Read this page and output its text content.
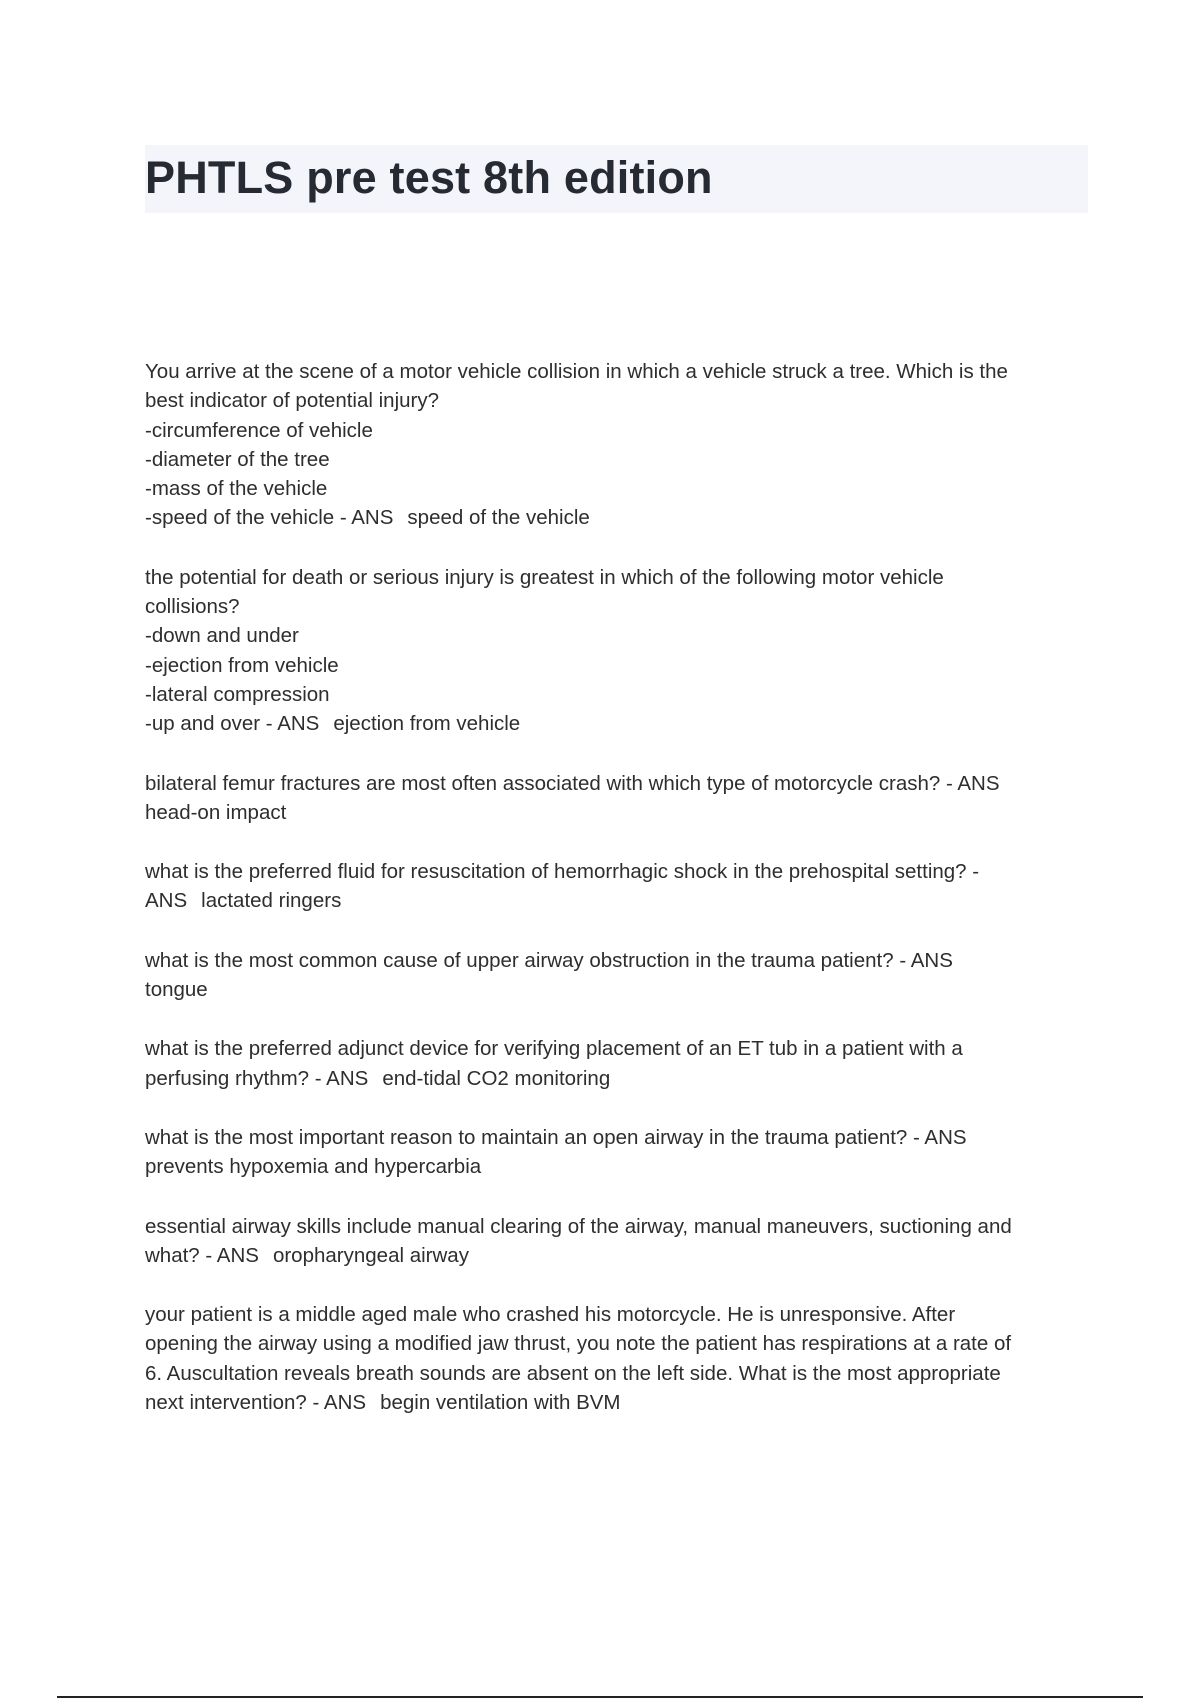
PHTLS pre test 8th edition

You arrive at the scene of a motor vehicle collision in which a vehicle struck a tree. Which is the
best indicator of potential injury?
-circumference of vehicle
-diameter of the tree
-mass of the vehicle
-speed of the vehicle - ANS speed of the vehicle

the potential for death or serious injury is greatest in which of the following motor vehicle
collisions?
-down and under
-ejection from vehicle
-lateral compression
-up and over - ANS ejection from vehicle

bilateral femur fractures are most often associated with which type of motorcycle crash? - ANS
head-on impact

what is the preferred fluid for resuscitation of hemorrhagic shock in the prehospital setting? -
ANS lactated ringers

what is the most common cause of upper airway obstruction in the trauma patient? - ANS
tongue

what is the preferred adjunct device for verifying placement of an ET tub in a patient with a
perfusing rhythm? - ANS end-tidal CO2 monitoring

what is the most important reason to maintain an open airway in the trauma patient? - ANS
prevents hypoxemia and hypercarbia

essential airway skills include manual clearing of the airway, manual maneuvers, suctioning and
what? - ANS oropharyngeal airway

your patient is a middle aged male who crashed his motorcycle. He is unresponsive. After
opening the airway using a modified jaw thrust, you note the patient has respirations at a rate of
6. Auscultation reveals breath sounds are absent on the left side. What is the most appropriate
next intervention? - ANS begin ventilation with BVM
